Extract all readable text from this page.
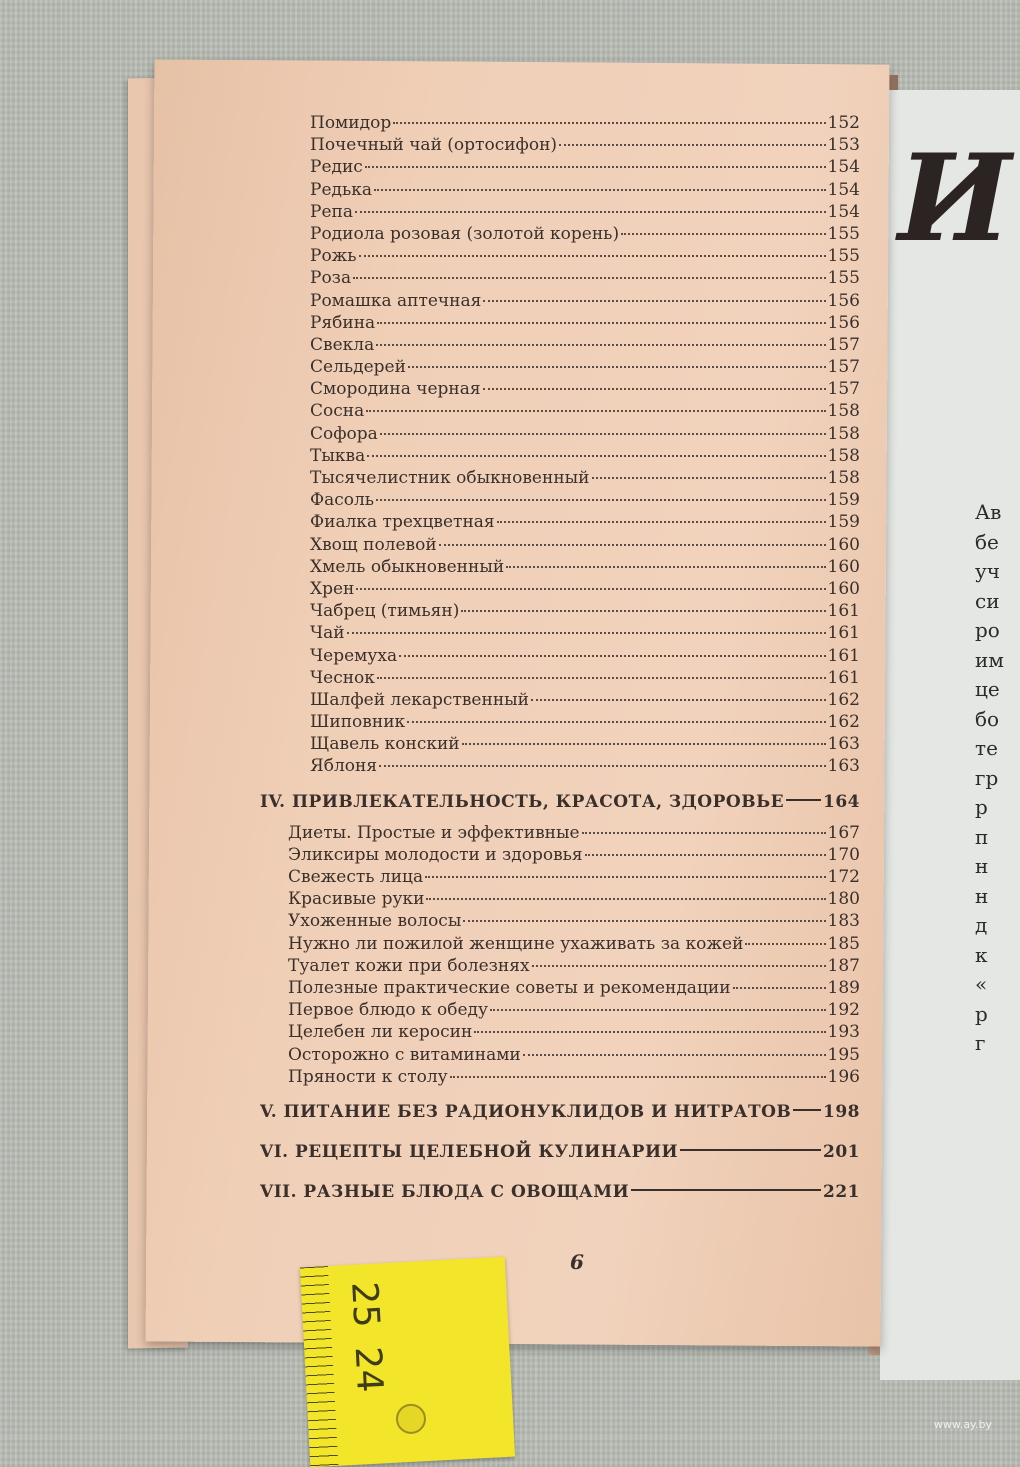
И
Ав
бе
уч
си
ро
им
це
бо
те
гр
р
п
н
н
д
к
«
р
г
Помидор	152
Почечный чай (ортосифон)	153
Редис	154
Редька	154
Репа	154
Родиола розовая (золотой корень)	155
Рожь	155
Роза	155
Ромашка аптечная	156
Рябина	156
Свекла	157
Сельдерей	157
Смородина черная	157
Сосна	158
Софора	158
Тыква	158
Тысячелистник обыкновенный	158
Фасоль	159
Фиалка трехцветная	159
Хвощ полевой	160
Хмель обыкновенный	160
Хрен	160
Чабрец (тимьян)	161
Чай	161
Черемуха	161
Чеснок	161
Шалфей лекарственный	162
Шиповник	162
Щавель конский	163
Яблоня	163
IV. ПРИВЛЕКАТЕЛЬНОСТЬ, КРАСОТА, ЗДОРОВЬЕ 164
Диеты. Простые и эффективные	167
Эликсиры молодости и здоровья	170
Свежесть лица	172
Красивые руки	180
Ухоженные волосы	183
Нужно ли пожилой женщине ухаживать за кожей	185
Туалет кожи при болезнях	187
Полезные практические советы и рекомендации	189
Первое блюдо к обеду	192
Целебен ли керосин	193
Осторожно с витаминами	195
Пряности к столу	196
V. ПИТАНИЕ БЕЗ РАДИОНУКЛИДОВ И НИТРАТОВ 198
VI. РЕЦЕПТЫ ЦЕЛЕБНОЙ КУЛИНАРИИ	201
VII. РАЗНЫЕ БЛЮДА С ОВОЩАМИ	221
6
25
24
www.ay.by
